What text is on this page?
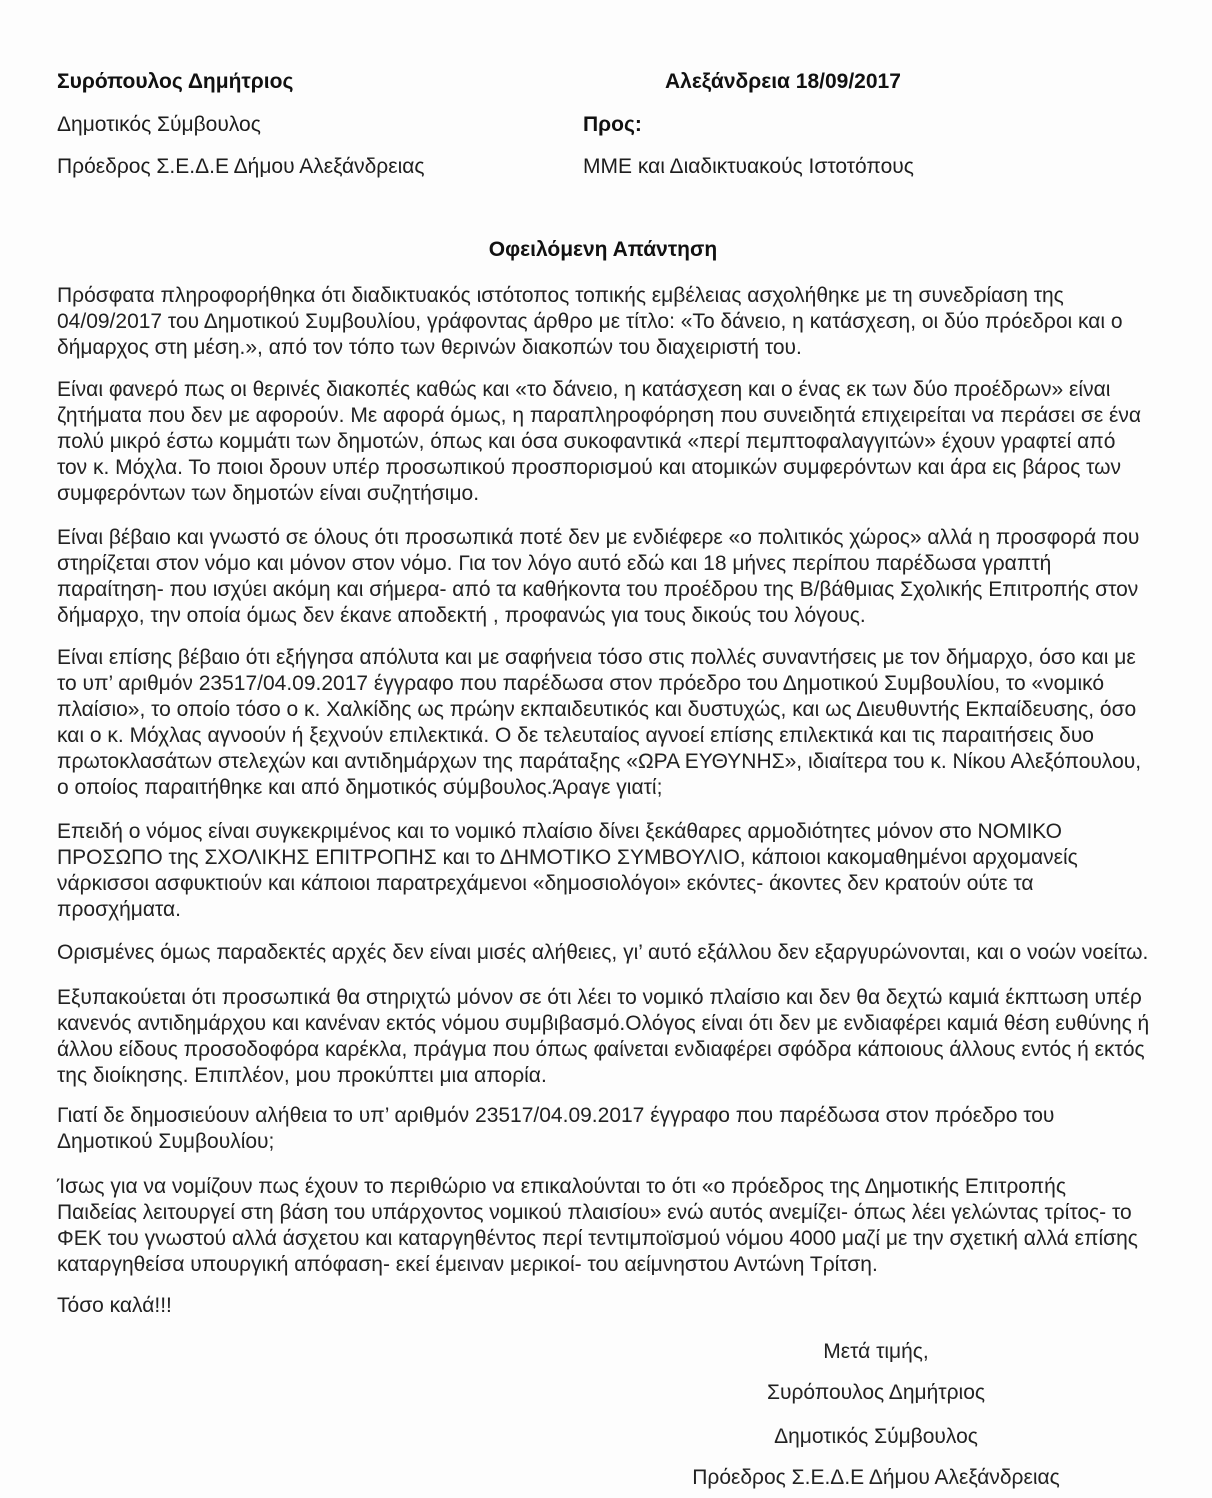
Συρόπουλος Δημήτριος
Δημοτικός Σύμβουλος
Πρόεδρος Σ.Ε.Δ.Ε Δήμου Αλεξάνδρειας
Αλεξάνδρεια 18/09/2017
Προς:
ΜΜΕ και Διαδικτυακούς Ιστοτόπους
Οφειλόμενη Απάντηση
Πρόσφατα πληροφορήθηκα ότι διαδικτυακός ιστότοπος τοπικής εμβέλειας ασχολήθηκε με τη συνεδρίαση της
04/09/2017 του Δημοτικού Συμβουλίου, γράφοντας άρθρο με τίτλο: «Το δάνειο, η κατάσχεση, οι δύο πρόεδροι και ο
δήμαρχος στη μέση.», από τον τόπο των θερινών διακοπών του διαχειριστή του.
Είναι φανερό πως οι θερινές διακοπές καθώς και «το δάνειο, η κατάσχεση και ο ένας εκ των δύο προέδρων» είναι
ζητήματα που δεν με αφορούν. Με αφορά όμως, η παραπληροφόρηση που συνειδητά επιχειρείται να περάσει σε ένα
πολύ μικρό έστω κομμάτι των δημοτών, όπως και όσα συκοφαντικά «περί πεμπτοφαλαγγιτών» έχουν γραφτεί από
τον κ. Μόχλα. Το ποιοι δρουν υπέρ προσωπικού προσπορισμού και ατομικών συμφερόντων και άρα εις βάρος των
συμφερόντων των δημοτών είναι συζητήσιμο.
Είναι βέβαιο και γνωστό σε όλους ότι προσωπικά ποτέ δεν με ενδιέφερε «ο πολιτικός χώρος» αλλά η προσφορά που
στηρίζεται στον νόμο και μόνον στον νόμο. Για τον λόγο αυτό εδώ και 18 μήνες περίπου παρέδωσα γραπτή
παραίτηση- που ισχύει ακόμη και σήμερα- από τα καθήκοντα του προέδρου της Β/βάθμιας Σχολικής Επιτροπής στον
δήμαρχο, την οποία όμως δεν έκανε αποδεκτή , προφανώς για τους δικούς του λόγους.
Είναι επίσης βέβαιο ότι εξήγησα απόλυτα και με σαφήνεια τόσο στις πολλές συναντήσεις με τον δήμαρχο, όσο και με
το υπ’ αριθμόν 23517/04.09.2017 έγγραφο που παρέδωσα στον πρόεδρο του Δημοτικού Συμβουλίου, το «νομικό
πλαίσιο», το οποίο τόσο ο κ. Χαλκίδης ως πρώην εκπαιδευτικός και δυστυχώς, και ως Διευθυντής Εκπαίδευσης, όσο
και ο κ. Μόχλας αγνοούν ή ξεχνούν επιλεκτικά. Ο δε τελευταίος αγνοεί επίσης επιλεκτικά και τις παραιτήσεις δυο
πρωτοκλασάτων στελεχών και αντιδημάρχων της παράταξης «ΩΡΑ ΕΥΘΥΝΗΣ», ιδιαίτερα του κ. Νίκου Αλεξόπουλου,
ο οποίος παραιτήθηκε και από δημοτικός σύμβουλος.Άραγε γιατί;
Επειδή ο νόμος είναι συγκεκριμένος και το νομικό πλαίσιο δίνει ξεκάθαρες αρμοδιότητες μόνον στο ΝΟΜΙΚΟ
ΠΡΟΣΩΠΟ της ΣΧΟΛΙΚΗΣ ΕΠΙΤΡΟΠΗΣ και το ΔΗΜΟΤΙΚΟ ΣΥΜΒΟΥΛΙΟ, κάποιοι κακομαθημένοι αρχομανείς
νάρκισσοι ασφυκτιούν και κάποιοι παρατρεχάμενοι «δημοσιολόγοι» εκόντες- άκοντες δεν κρατούν ούτε τα
προσχήματα.
Ορισμένες όμως παραδεκτές αρχές δεν είναι μισές αλήθειες, γι’ αυτό εξάλλου δεν εξαργυρώνονται, και ο νοών νοείτω.
Εξυπακούεται ότι προσωπικά θα στηριχτώ μόνον σε ότι λέει το νομικό πλαίσιο και δεν θα δεχτώ καμιά έκπτωση υπέρ
κανενός αντιδημάρχου και κανέναν εκτός νόμου συμβιβασμό.Ολόγος είναι ότι δεν με ενδιαφέρει καμιά θέση ευθύνης ή
άλλου είδους προσοδοφόρα καρέκλα, πράγμα που όπως φαίνεται ενδιαφέρει σφόδρα κάποιους άλλους εντός ή εκτός
της διοίκησης. Επιπλέον, μου προκύπτει μια απορία.
Γιατί δε δημοσιεύουν αλήθεια το υπ’ αριθμόν 23517/04.09.2017 έγγραφο που παρέδωσα στον πρόεδρο του
Δημοτικού Συμβουλίου;
Ίσως για να νομίζουν πως έχουν το περιθώριο να επικαλούνται το ότι «ο πρόεδρος της Δημοτικής Επιτροπής
Παιδείας λειτουργεί στη βάση του υπάρχοντος νομικού πλαισίου» ενώ αυτός ανεμίζει- όπως λέει γελώντας τρίτος- το
ΦΕΚ του γνωστού αλλά άσχετου και καταργηθέντος περί τεντιμποϊσμού νόμου 4000 μαζί με την σχετική αλλά επίσης
καταργηθείσα υπουργική απόφαση- εκεί έμειναν μερικοί- του αείμνηστου Αντώνη Τρίτση.
Τόσο καλά!!!
Μετά τιμής,
Συρόπουλος Δημήτριος
Δημοτικός Σύμβουλος
Πρόεδρος Σ.Ε.Δ.Ε Δήμου Αλεξάνδρειας
